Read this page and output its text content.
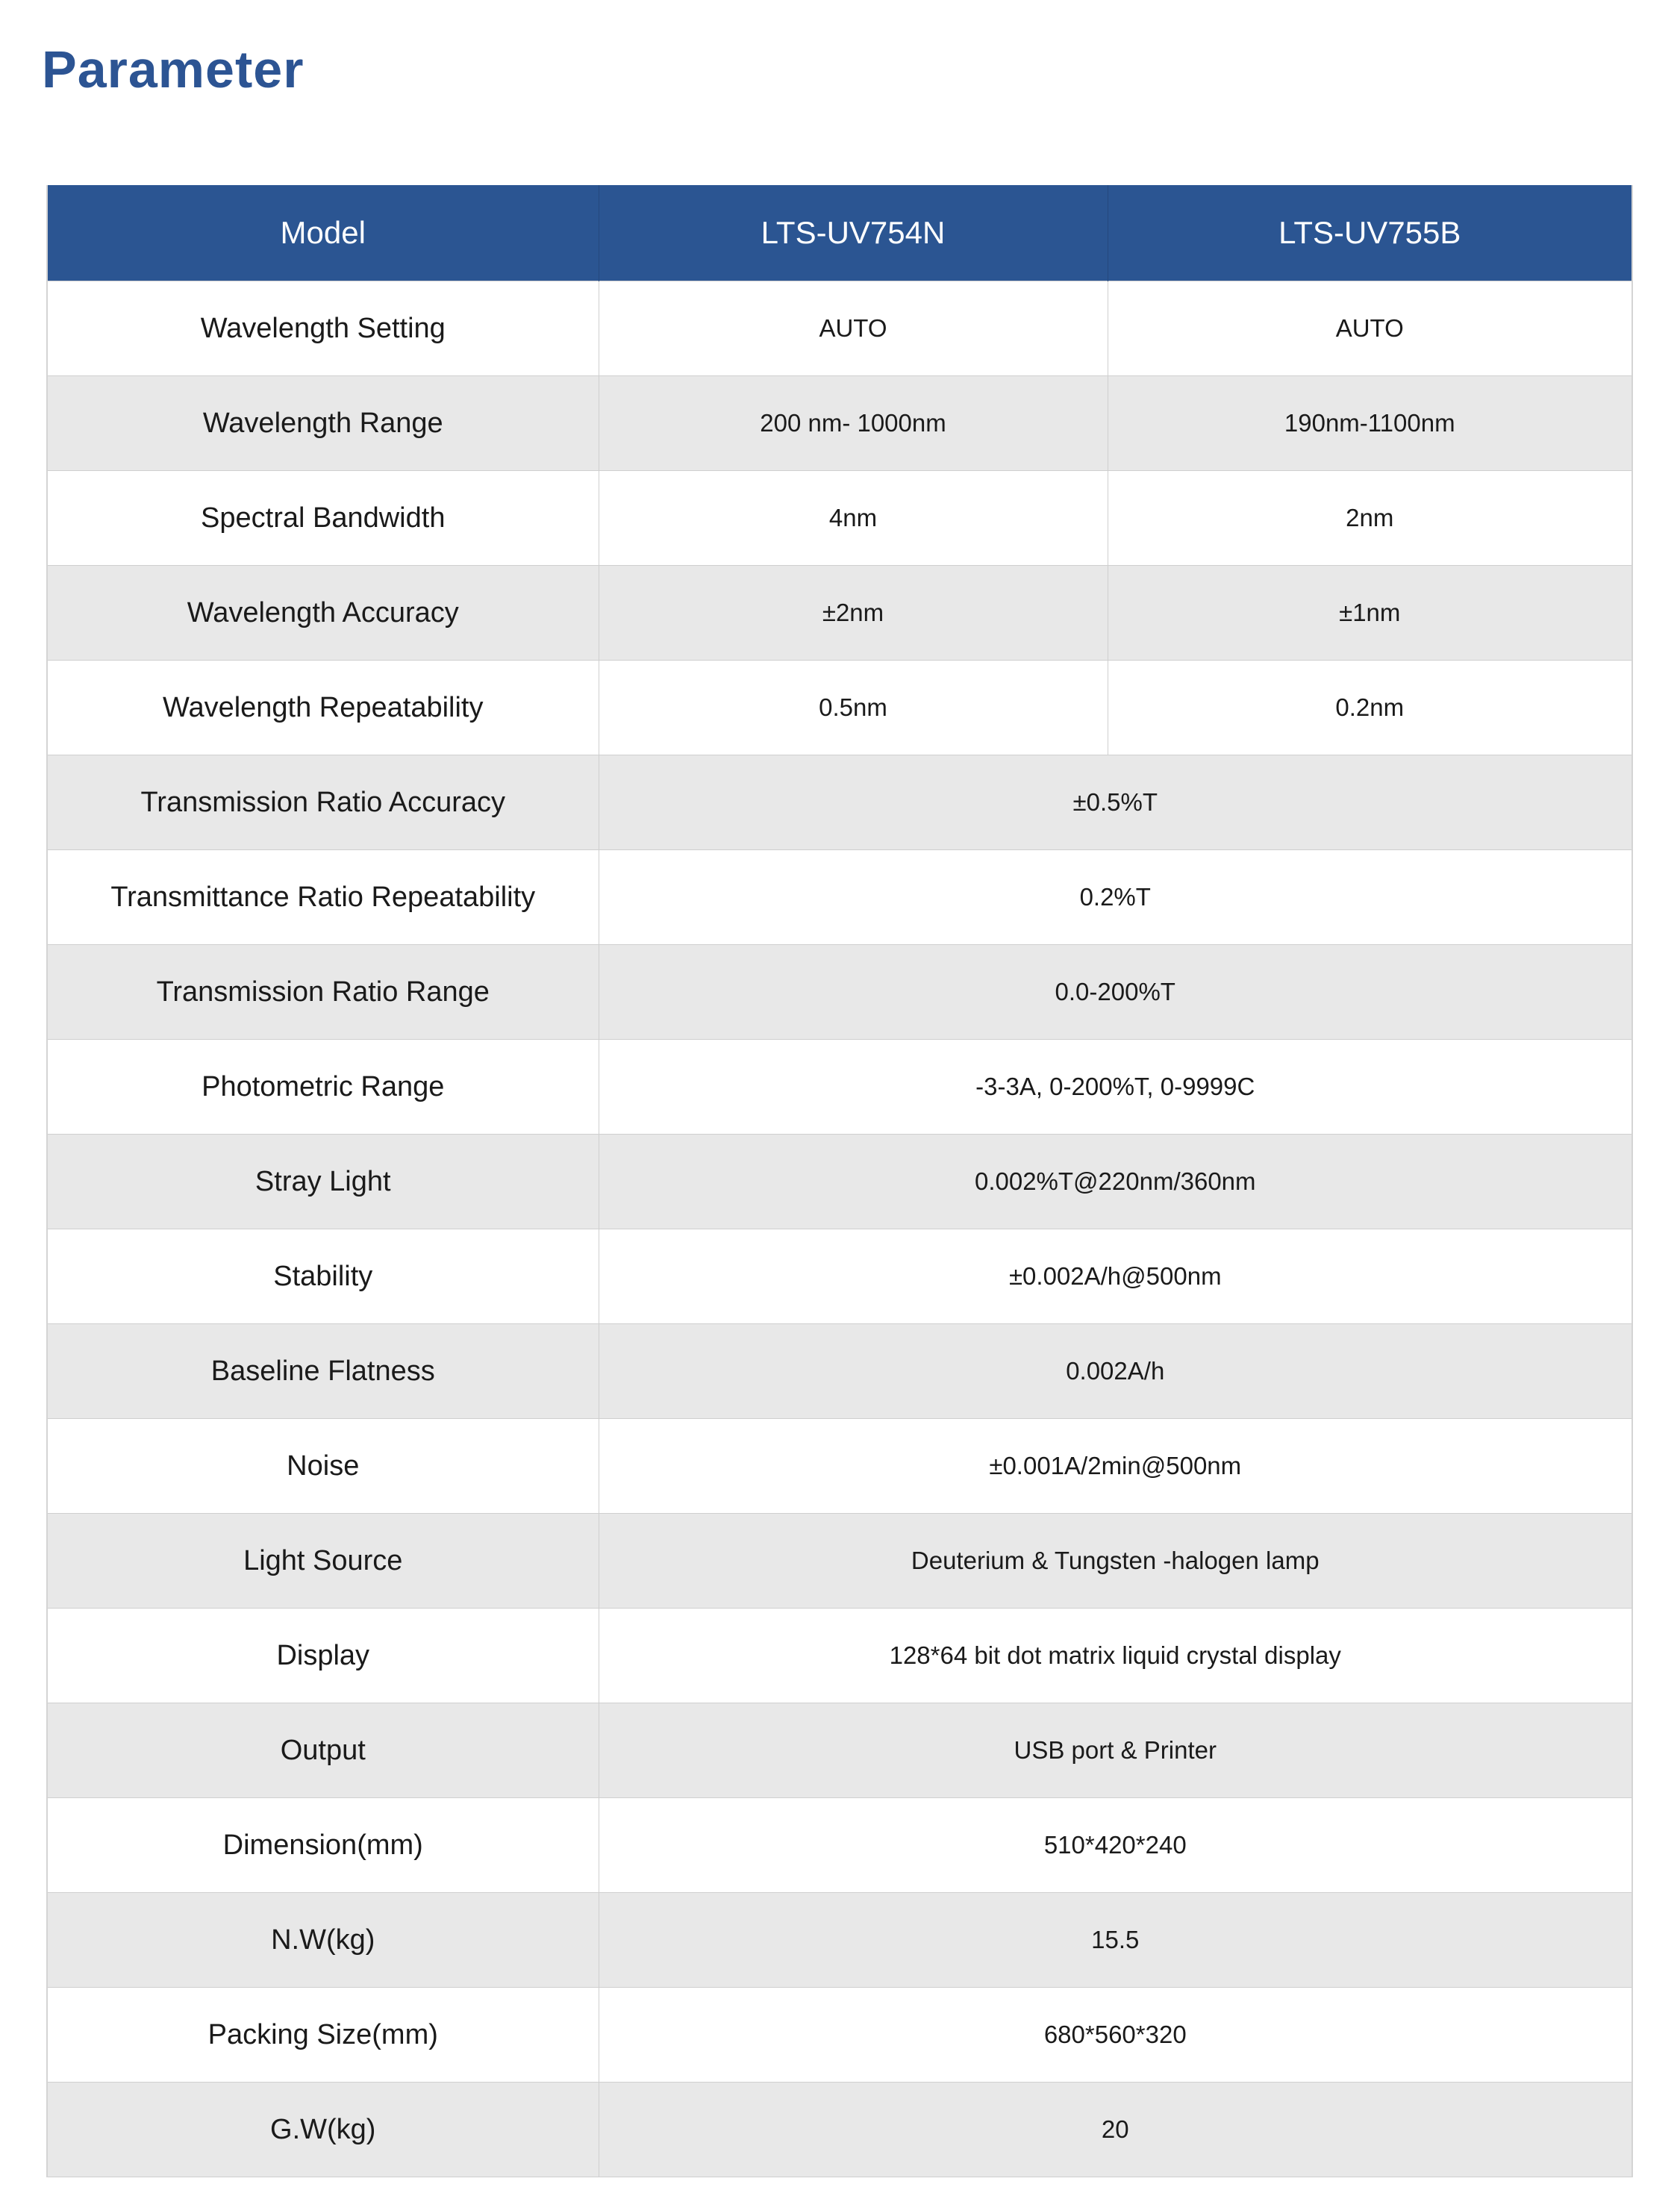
Parameter
Model	LTS-UV754N	LTS-UV755B
Wavelength Setting	AUTO	AUTO
Wavelength Range	200 nm- 1000nm	190nm-1100nm
Spectral Bandwidth	4nm	2nm
Wavelength Accuracy	±2nm	±1nm
Wavelength Repeatability	0.5nm	0.2nm
Transmission Ratio Accuracy	±0.5%T	
Transmittance Ratio Repeatability	0.2%T	
Transmission Ratio Range	0.0-200%T	
Photometric Range	-3-3A, 0-200%T, 0-9999C	
Stray Light	0.002%T@220nm/360nm	
Stability	±0.002A/h@500nm	
Baseline Flatness	0.002A/h	
Noise	±0.001A/2min@500nm	
Light Source	Deuterium & Tungsten -halogen lamp	
Display	128*64 bit dot matrix liquid crystal display	
Output	USB port & Printer	
Dimension(mm)	510*420*240	
N.W(kg)	15.5	
Packing Size(mm)	680*560*320	
G.W(kg)	20	
